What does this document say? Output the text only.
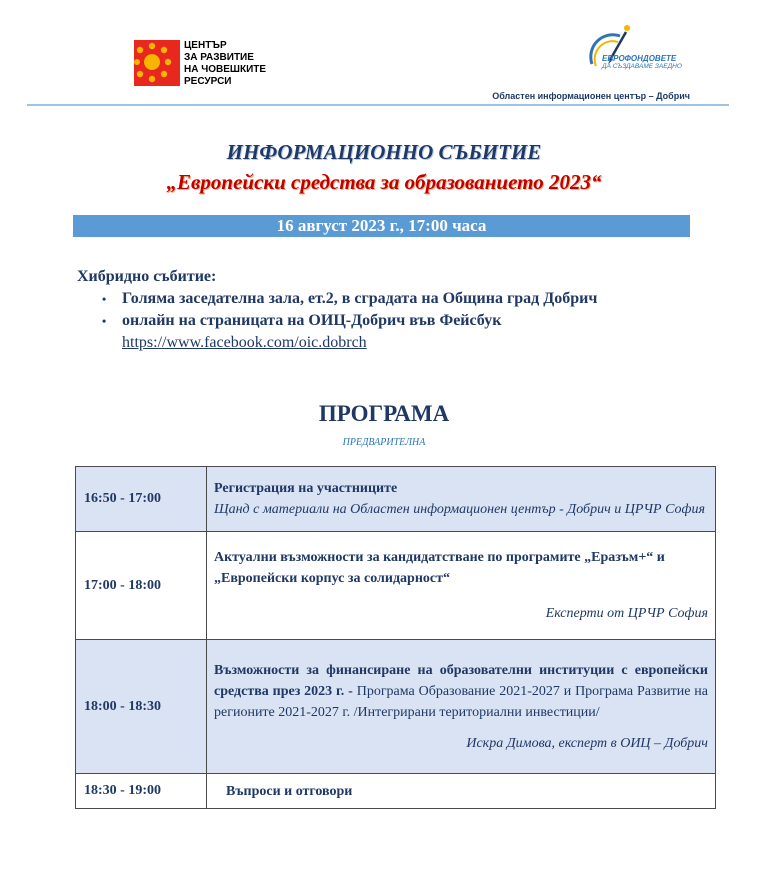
ЦЕНТЪР
ЗА РАЗВИТИЕ
НА ЧОВЕШКИТЕ
РЕСУРСИ
ЕВРОФОНДОВЕТЕ
ДА СЪЗДАВАМЕ ЗАЕДНО
Областен информационен център – Добрич
ИНФОРМАЦИОННО СЪБИТИЕ
„Европейски средства за образованието 2023“
16 август 2023 г., 17:00 часа
Хибридно събитие:
• Голяма заседателна зала, ет.2, в сградата на Община град Добрич
• онлайн на страницата на ОИЦ-Добрич във Фейсбук
https://www.facebook.com/oic.dobrch
ПРОГРАМА
ПРЕДВАРИТЕЛНА
16:50 - 17:00	Регистрация на участниците
Щанд с материали на Областен информационен център - Добрич и ЦРЧР София

17:00 - 18:00	Актуални възможности за кандидатстване по програмите „Еразъм+“ и „Европейски корпус за солидарност“
Експерти от ЦРЧР София

18:00 - 18:30	Възможности за финансиране на образователни институции с европейски средства през 2023 г. - Програма Образование 2021-2027 и Програма Развитие на регионите 2021-2027 г. /Интегрирани териториални инвестиции/
Искра Димова, експерт в ОИЦ – Добрич

18:30 - 19:00	Въпроси и отговори
